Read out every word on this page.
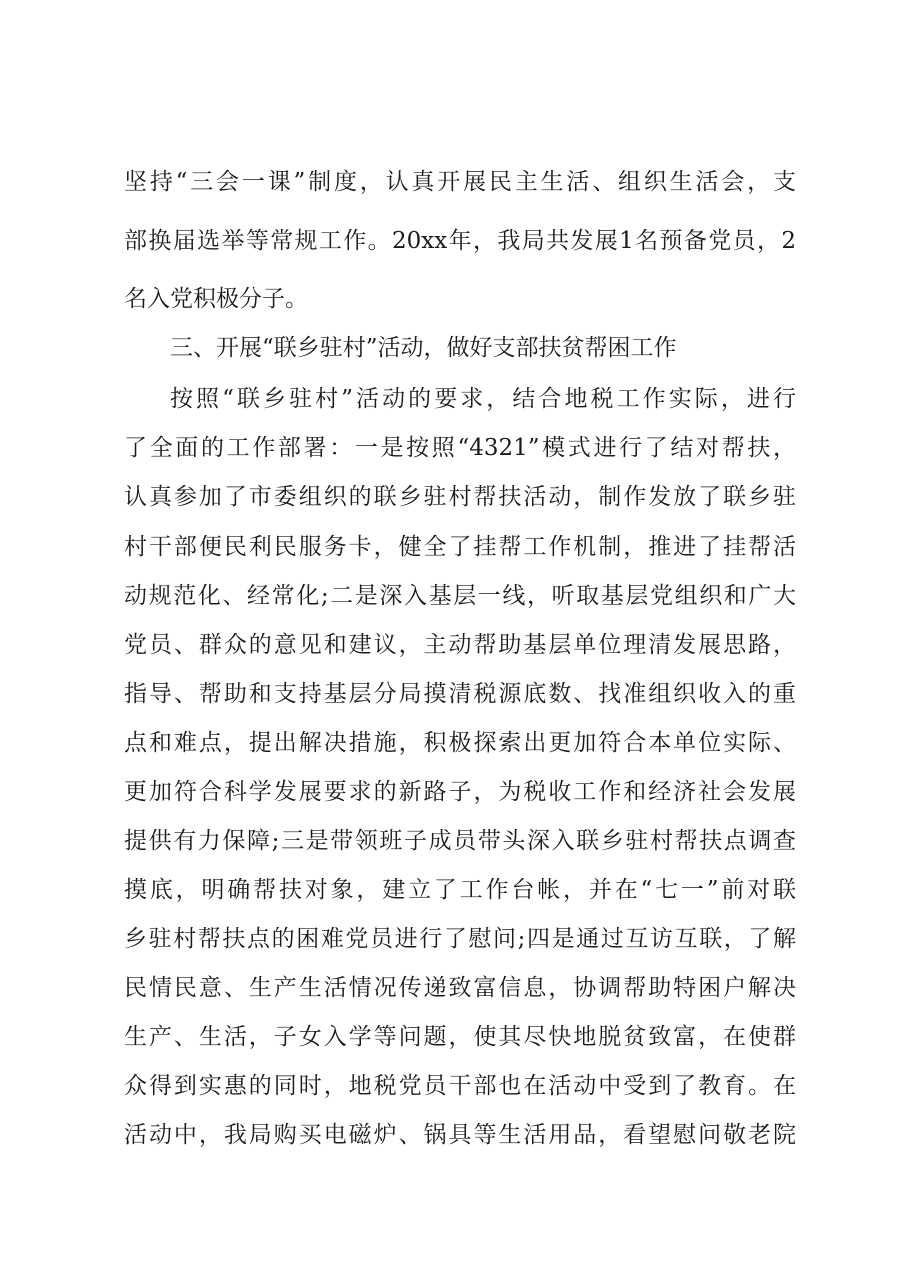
坚持“三会一课”制度，认真开展民主生活、组织生活会，支
部换届选举等常规工作。20xx年，我局共发展1名预备党员，2
名入党积极分子。
三、开展“联乡驻村”活动，做好支部扶贫帮困工作
按照“联乡驻村”活动的要求，结合地税工作实际，进行
了全面的工作部署：一是按照“4321”模式进行了结对帮扶，
认真参加了市委组织的联乡驻村帮扶活动，制作发放了联乡驻
村干部便民利民服务卡，健全了挂帮工作机制，推进了挂帮活
动规范化、经常化;二是深入基层一线，听取基层党组织和广大
党员、群众的意见和建议，主动帮助基层单位理清发展思路，
指导、帮助和支持基层分局摸清税源底数、找准组织收入的重
点和难点，提出解决措施，积极探索出更加符合本单位实际、
更加符合科学发展要求的新路子，为税收工作和经济社会发展
提供有力保障;三是带领班子成员带头深入联乡驻村帮扶点调查
摸底，明确帮扶对象，建立了工作台帐，并在“七一”前对联
乡驻村帮扶点的困难党员进行了慰问;四是通过互访互联，了解
民情民意、生产生活情况传递致富信息，协调帮助特困户解决
生产、生活，子女入学等问题，使其尽快地脱贫致富，在使群
众得到实惠的同时，地税党员干部也在活动中受到了教育。在
活动中，我局购买电磁炉、锅具等生活用品，看望慰问敬老院
